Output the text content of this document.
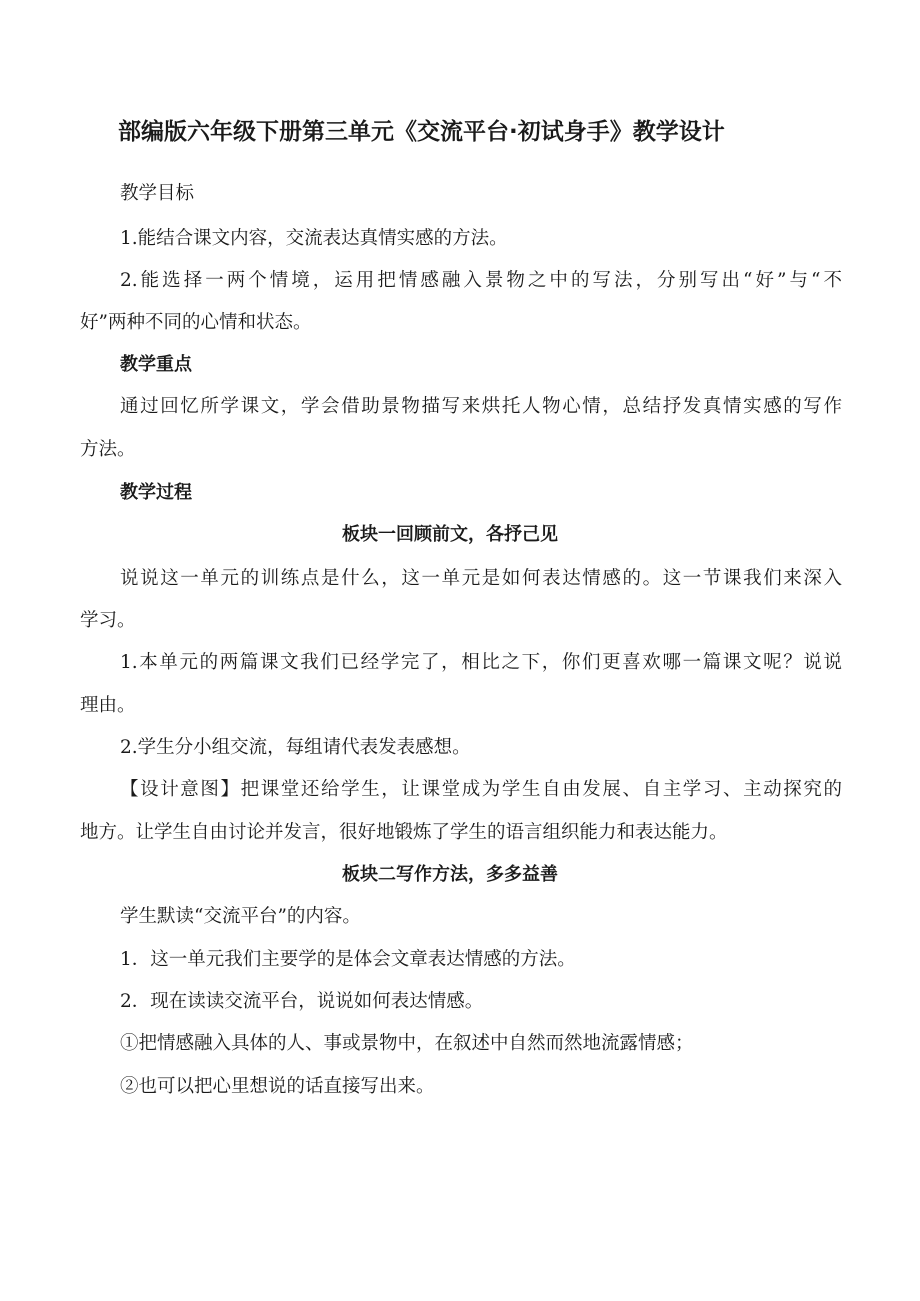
部编版六年级下册第三单元《交流平台·初试身手》教学设计
教学目标
1.能结合课文内容，交流表达真情实感的方法。
2.能选择一两个情境，运用把情感融入景物之中的写法，分别写出“好”与“不
好”两种不同的心情和状态。
教学重点
通过回忆所学课文，学会借助景物描写来烘托人物心情，总结抒发真情实感的写作
方法。
教学过程
板块一回顾前文，各抒己见
说说这一单元的训练点是什么，这一单元是如何表达情感的。这一节课我们来深入
学习。
1.本单元的两篇课文我们已经学完了，相比之下，你们更喜欢哪一篇课文呢？说说
理由。
2.学生分小组交流，每组请代表发表感想。
【设计意图】把课堂还给学生，让课堂成为学生自由发展、自主学习、主动探究的
地方。让学生自由讨论并发言，很好地锻炼了学生的语言组织能力和表达能力。
板块二写作方法，多多益善
学生默读“交流平台”的内容。
1．这一单元我们主要学的是体会文章表达情感的方法。
2．现在读读交流平台，说说如何表达情感。
①把情感融入具体的人、事或景物中，在叙述中自然而然地流露情感；
②也可以把心里想说的话直接写出来。
